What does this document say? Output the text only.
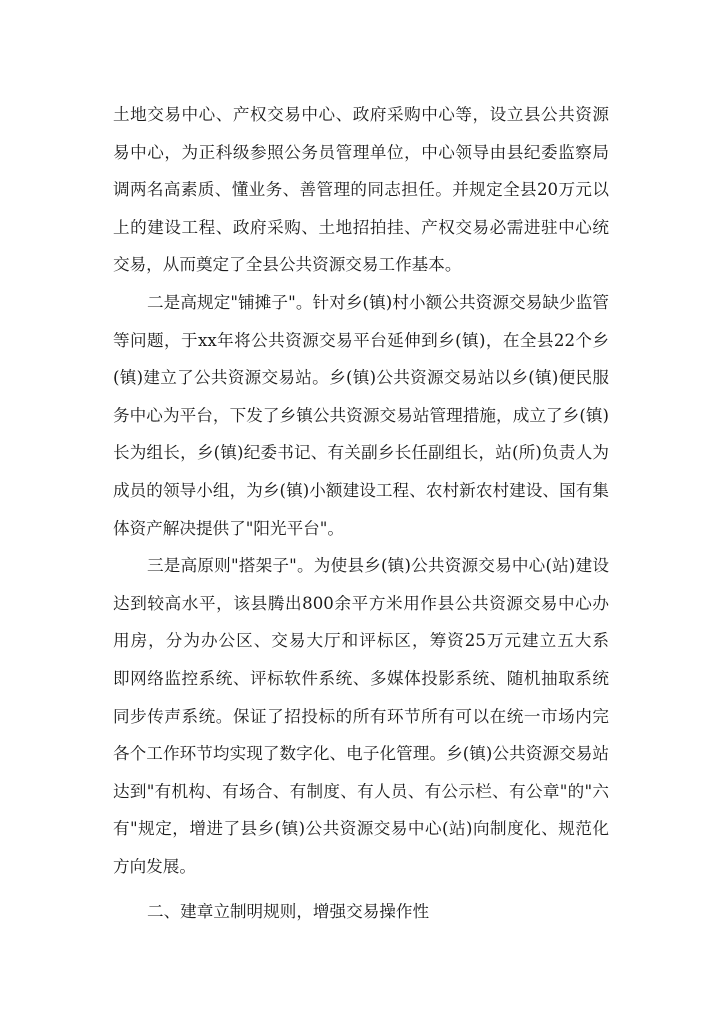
土地交易中心、产权交易中心、政府采购中心等，设立县公共资源
易中心，为正科级参照公务员管理单位，中心领导由县纪委监察局
调两名高素质、懂业务、善管理的同志担任。并规定全县20万元以
上的建设工程、政府采购、土地招拍挂、产权交易必需进驻中心统
交易，从而奠定了全县公共资源交易工作基本。
二是高规定"铺摊子"。针对乡(镇)村小额公共资源交易缺少监管
等问题，于xx年将公共资源交易平台延伸到乡(镇)，在全县22个乡
(镇)建立了公共资源交易站。乡(镇)公共资源交易站以乡(镇)便民服
务中心为平台，下发了乡镇公共资源交易站管理措施，成立了乡(镇)
长为组长，乡(镇)纪委书记、有关副乡长任副组长，站(所)负责人为
成员的领导小组，为乡(镇)小额建设工程、农村新农村建设、国有集
体资产解决提供了"阳光平台"。
三是高原则"搭架子"。为使县乡(镇)公共资源交易中心(站)建设
达到较高水平，该县腾出800余平方米用作县公共资源交易中心办
用房，分为办公区、交易大厅和评标区，筹资25万元建立五大系
即网络监控系统、评标软件系统、多媒体投影系统、随机抽取系统
同步传声系统。保证了招投标的所有环节所有可以在统一市场内完
各个工作环节均实现了数字化、电子化管理。乡(镇)公共资源交易站
达到"有机构、有场合、有制度、有人员、有公示栏、有公章"的"六
有"规定，增进了县乡(镇)公共资源交易中心(站)向制度化、规范化
方向发展。
二、建章立制明规则，增强交易操作性
